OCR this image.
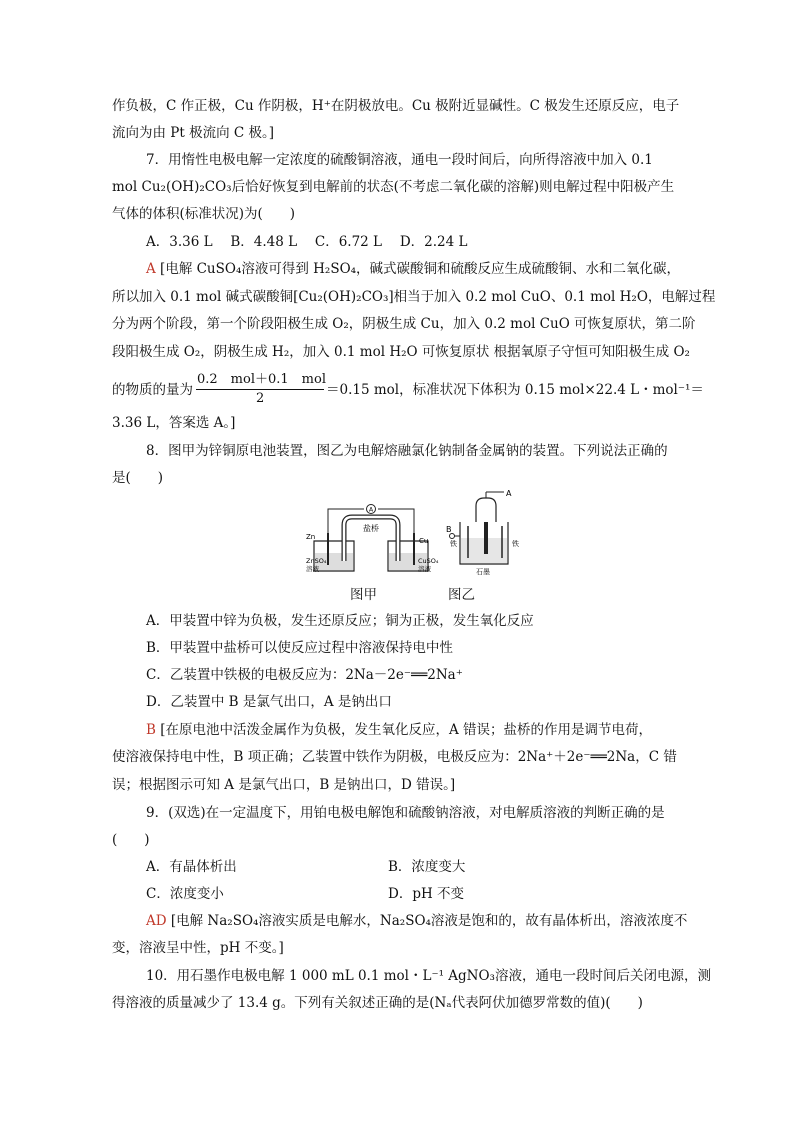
作负极，C 作正极，Cu 作阴极，H⁺在阴极放电。Cu 极附近显碱性。C 极发生还原反应，电子
流向为由 Pt 极流向 C 极。]
7．用惰性电极电解一定浓度的硫酸铜溶液，通电一段时间后，向所得溶液中加入 0.1
mol Cu₂(OH)₂CO₃后恰好恢复到电解前的状态(不考虑二氧化碳的溶解)则电解过程中阳极产生
气体的体积(标准状况)为(　　)
A．3.36 L　 B．4.48 L　 C．6.72 L　 D．2.24 L
A [电解 CuSO₄溶液可得到 H₂SO₄，碱式碳酸铜和硫酸反应生成硫酸铜、水和二氧化碳，
所以加入 0.1 mol 碱式碳酸铜[Cu₂(OH)₂CO₃]相当于加入 0.2 mol CuO、0.1 mol H₂O，电解过程
分为两个阶段，第一个阶段阳极生成 O₂，阴极生成 Cu，加入 0.2 mol CuO 可恢复原状，第二阶
段阳极生成 O₂，阴极生成 H₂，加入 0.1 mol H₂O 可恢复原状 根据氧原子守恒可知阳极生成 O₂
的物质的量为
0.2　mol＋0.1　mol
2
＝0.15 mol，标准状况下体积为 0.15 mol×22.4 L・mol⁻¹＝
3.36 L，答案选 A。]
8．图甲为锌铜原电池装置，图乙为电解熔融氯化钠制备金属钠的装置。下列说法正确的
是(　　)
A
盐桥
Zn	Cu
ZnSO₄
溶液
CuSO₄
溶液
A
B
铁	铁
石墨
图甲	图乙
A．甲装置中锌为负极，发生还原反应；铜为正极，发生氧化反应
B．甲装置中盐桥可以使反应过程中溶液保持电中性
C．乙装置中铁极的电极反应为：2Na－2e⁻══2Na⁺
D．乙装置中 B 是氯气出口，A 是钠出口
B [在原电池中活泼金属作为负极，发生氧化反应，A 错误；盐桥的作用是调节电荷，
使溶液保持电中性，B 项正确；乙装置中铁作为阴极，电极反应为：2Na⁺＋2e⁻══2Na，C 错
误；根据图示可知 A 是氯气出口，B 是钠出口，D 错误。]
9．(双选)在一定温度下，用铂电极电解饱和硫酸钠溶液，对电解质溶液的判断正确的是
(　　)
A．有晶体析出	B．浓度变大
C．浓度变小	D．pH 不变
AD [电解 Na₂SO₄溶液实质是电解水，Na₂SO₄溶液是饱和的，故有晶体析出，溶液浓度不
变，溶液呈中性，pH 不变。]
10．用石墨作电极电解 1 000 mL 0.1 mol・L⁻¹ AgNO₃溶液，通电一段时间后关闭电源，测
得溶液的质量减少了 13.4 g。下列有关叙述正确的是(Nₐ代表阿伏加德罗常数的值)(　　)
